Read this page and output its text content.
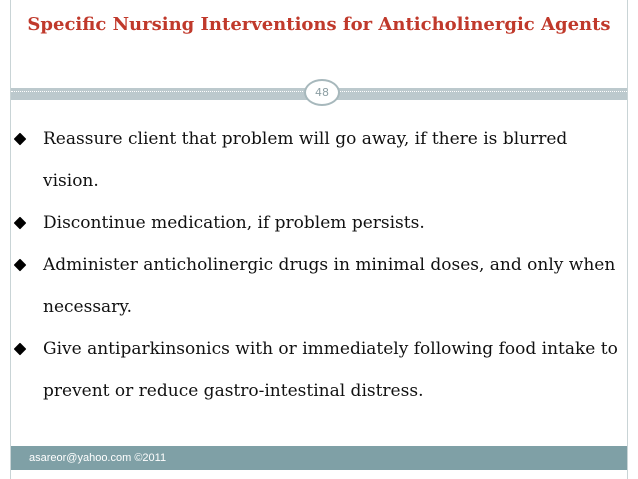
Specific Nursing Interventions for Anticholinergic Agents
48
Reassure client that problem will go away, if there is blurred vision.
Discontinue medication, if problem persists.
Administer anticholinergic drugs in minimal doses, and only when necessary.
Give antiparkinsonics with or immediately following food intake to prevent or reduce gastro-intestinal distress.
asareor@yahoo.com ©2011
